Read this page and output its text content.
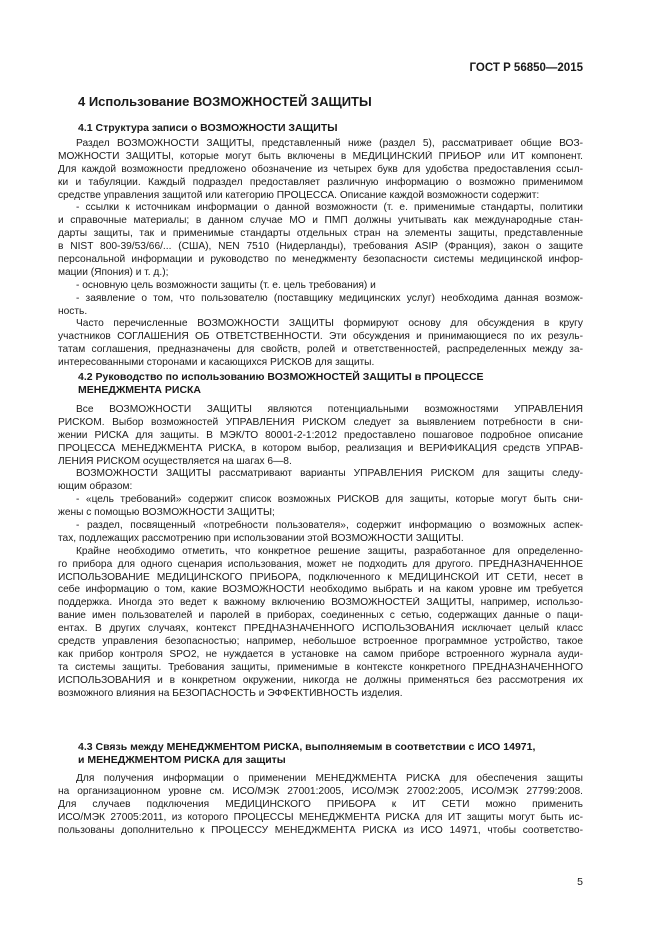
ГОСТ Р 56850—2015
4 Использование ВОЗМОЖНОСТЕЙ ЗАЩИТЫ
4.1 Структура записи о ВОЗМОЖНОСТИ ЗАЩИТЫ
Раздел ВОЗМОЖНОСТИ ЗАЩИТЫ, представленный ниже (раздел 5), рассматривает общие ВОЗ-
МОЖНОСТИ ЗАЩИТЫ, которые могут быть включены в МЕДИЦИНСКИЙ ПРИБОР или ИТ компонент.
Для каждой возможности предложено обозначение из четырех букв для удобства предоставления ссыл-
ки и табуляции. Каждый подраздел предоставляет различную информацию о возможно применимом
средстве управления защитой или категорию ПРОЦЕССА. Описание каждой возможности содержит:
- ссылки к источникам информации о данной возможности (т. е. применимые стандарты, политики
и справочные материалы; в данном случае МО и ПМП должны учитывать как международные стан-
дарты защиты, так и применимые стандарты отдельных стран на элементы защиты, представленные
в NIST 800-39/53/66/... (США), NEN 7510 (Нидерланды), требования ASIP (Франция), закон о защите
персональной информации и руководство по менеджменту безопасности системы медицинской инфор-
мации (Япония) и т. д.);
- основную цель возможности защиты (т. е. цель требования) и
- заявление о том, что пользователю (поставщику медицинских услуг) необходима данная возмож-
ность.
Часто перечисленные ВОЗМОЖНОСТИ ЗАЩИТЫ формируют основу для обсуждения в кругу
участников СОГЛАШЕНИЯ ОБ ОТВЕТСТВЕННОСТИ. Эти обсуждения и принимающиеся по их резуль-
татам соглашения, предназначены для свойств, ролей и ответственностей, распределенных между за-
интересованными сторонами и касающихся РИСКОВ для защиты.
4.2 Руководство по использованию ВОЗМОЖНОСТЕЙ ЗАЩИТЫ в ПРОЦЕССЕ
МЕНЕДЖМЕНТА РИСКА
Все ВОЗМОЖНОСТИ ЗАЩИТЫ являются потенциальными возможностями УПРАВЛЕНИЯ
РИСКОМ. Выбор возможностей УПРАВЛЕНИЯ РИСКОМ следует за выявлением потребности в сни-
жении РИСКА для защиты. В МЭК/ТО 80001-2-1:2012 предоставлено пошаговое подробное описание
ПРОЦЕССА МЕНЕДЖМЕНТА РИСКА, в котором выбор, реализация и ВЕРИФИКАЦИЯ средств УПРАВ-
ЛЕНИЯ РИСКОМ осуществляется на шагах 6—8.
ВОЗМОЖНОСТИ ЗАЩИТЫ рассматривают варианты УПРАВЛЕНИЯ РИСКОМ для защиты следу-
ющим образом:
- «цель требований» содержит список возможных РИСКОВ для защиты, которые могут быть сни-
жены с помощью ВОЗМОЖНОСТИ ЗАЩИТЫ;
- раздел, посвященный «потребности пользователя», содержит информацию о возможных аспек-
тах, подлежащих рассмотрению при использовании этой ВОЗМОЖНОСТИ ЗАЩИТЫ.
Крайне необходимо отметить, что конкретное решение защиты, разработанное для определенно-
го прибора для одного сценария использования, может не подходить для другого. ПРЕДНАЗНАЧЕННОЕ
ИСПОЛЬЗОВАНИЕ МЕДИЦИНСКОГО ПРИБОРА, подключенного к МЕДИЦИНСКОЙ ИТ СЕТИ, несет в
себе информацию о том, какие ВОЗМОЖНОСТИ необходимо выбрать и на каком уровне им требуется
поддержка. Иногда это ведет к важному включению ВОЗМОЖНОСТЕЙ ЗАЩИТЫ, например, использо-
вание имен пользователей и паролей в приборах, соединенных с сетью, содержащих данные о паци-
ентах. В других случаях, контекст ПРЕДНАЗНАЧЕННОГО ИСПОЛЬЗОВАНИЯ исключает целый класс
средств управления безопасностью; например, небольшое встроенное программное устройство, такое
как прибор контроля SPO2, не нуждается в установке на самом приборе встроенного журнала ауди-
та системы защиты. Требования защиты, применимые в контексте конкретного ПРЕДНАЗНАЧЕННОГО
ИСПОЛЬЗОВАНИЯ и в конкретном окружении, никогда не должны применяться без рассмотрения их
возможного влияния на БЕЗОПАСНОСТЬ и ЭФФЕКТИВНОСТЬ изделия.
4.3 Связь между МЕНЕДЖМЕНТОМ РИСКА, выполняемым в соответствии с ИСО 14971,
и МЕНЕДЖМЕНТОМ РИСКА для защиты
Для получения информации о применении МЕНЕДЖМЕНТА РИСКА для обеспечения защиты
на организационном уровне см. ИСО/МЭК 27001:2005, ИСО/МЭК 27002:2005, ИСО/МЭК 27799:2008.
Для случаев подключения МЕДИЦИНСКОГО ПРИБОРА к ИТ СЕТИ можно применить
ИСО/МЭК 27005:2011, из которого ПРОЦЕССЫ МЕНЕДЖМЕНТА РИСКА для ИТ защиты могут быть ис-
пользованы дополнительно к ПРОЦЕССУ МЕНЕДЖМЕНТА РИСКА из ИСО 14971, чтобы соответство-
5
